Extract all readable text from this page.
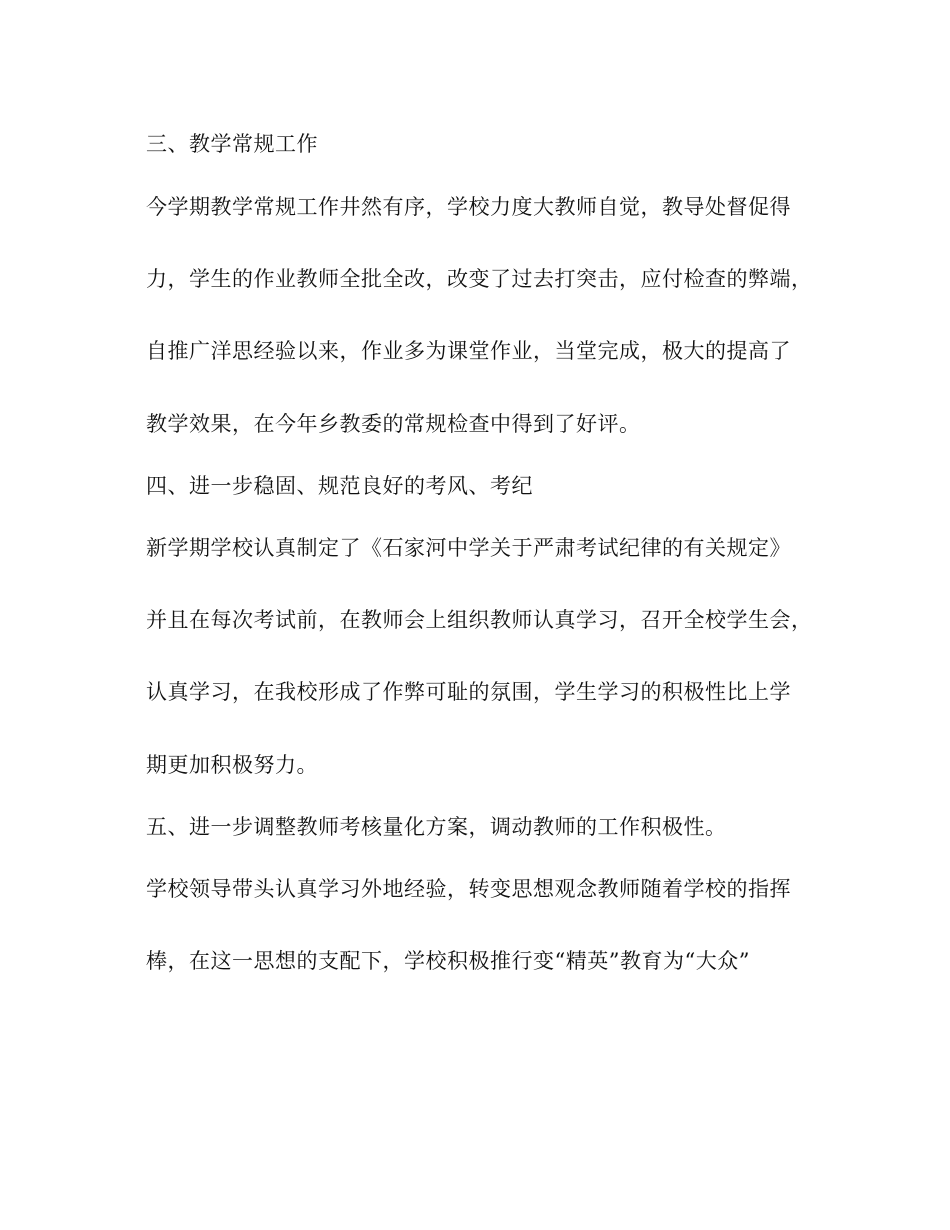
三、教学常规工作
今学期教学常规工作井然有序，学校力度大教师自觉，教导处督促得
力，学生的作业教师全批全改，改变了过去打突击，应付检查的弊端，
自推广洋思经验以来，作业多为课堂作业，当堂完成，极大的提高了
教学效果，在今年乡教委的常规检查中得到了好评。
四、进一步稳固、规范良好的考风、考纪
新学期学校认真制定了《石家河中学关于严肃考试纪律的有关规定》
并且在每次考试前，在教师会上组织教师认真学习，召开全校学生会，
认真学习，在我校形成了作弊可耻的氛围，学生学习的积极性比上学
期更加积极努力。
五、进一步调整教师考核量化方案，调动教师的工作积极性。
学校领导带头认真学习外地经验，转变思想观念教师随着学校的指挥
棒，在这一思想的支配下，学校积极推行变“精英”教育为“大众”
